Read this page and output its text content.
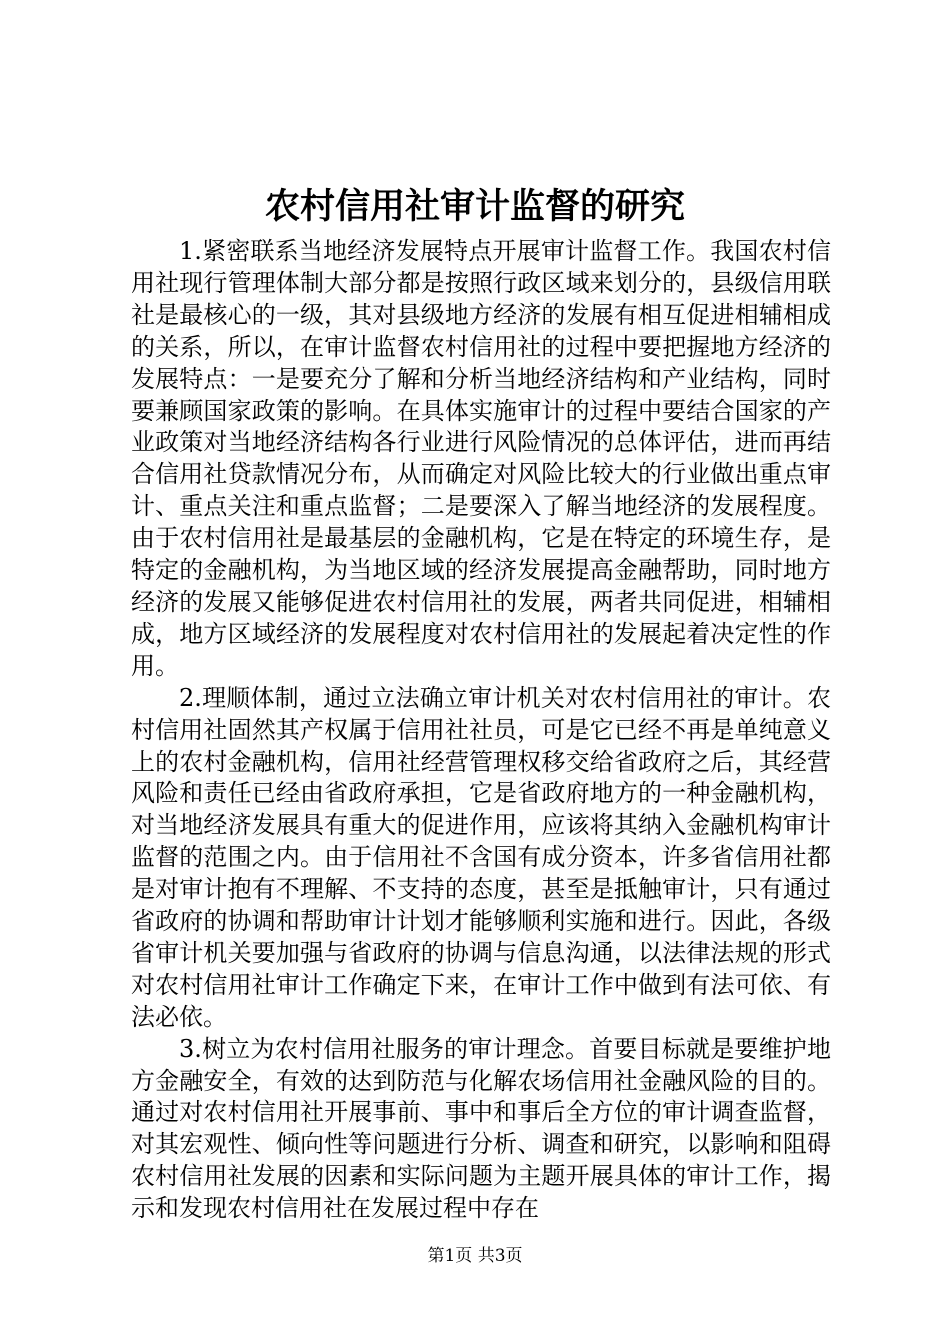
农村信用社审计监督的研究

1.紧密联系当地经济发展特点开展审计监督工作。我国农村信用社现行管理体制大部分都是按照行政区域来划分的，县级信用联社是最核心的一级，其对县级地方经济的发展有相互促进相辅相成的关系，所以，在审计监督农村信用社的过程中要把握地方经济的发展特点：一是要充分了解和分析当地经济结构和产业结构，同时要兼顾国家政策的影响。在具体实施审计的过程中要结合国家的产业政策对当地经济结构各行业进行风险情况的总体评估，进而再结合信用社贷款情况分布，从而确定对风险比较大的行业做出重点审计、重点关注和重点监督；二是要深入了解当地经济的发展程度。由于农村信用社是最基层的金融机构，它是在特定的环境生存，是特定的金融机构，为当地区域的经济发展提高金融帮助，同时地方经济的发展又能够促进农村信用社的发展，两者共同促进，相辅相成，地方区域经济的发展程度对农村信用社的发展起着决定性的作用。

2.理顺体制，通过立法确立审计机关对农村信用社的审计。农村信用社固然其产权属于信用社社员，可是它已经不再是单纯意义上的农村金融机构，信用社经营管理权移交给省政府之后，其经营风险和责任已经由省政府承担，它是省政府地方的一种金融机构，对当地经济发展具有重大的促进作用，应该将其纳入金融机构审计监督的范围之内。由于信用社不含国有成分资本，许多省信用社都是对审计抱有不理解、不支持的态度，甚至是抵触审计，只有通过省政府的协调和帮助审计计划才能够顺利实施和进行。因此，各级省审计机关要加强与省政府的协调与信息沟通，以法律法规的形式对农村信用社审计工作确定下来，在审计工作中做到有法可依、有法必依。

3.树立为农村信用社服务的审计理念。首要目标就是要维护地方金融安全，有效的达到防范与化解农场信用社金融风险的目的。通过对农村信用社开展事前、事中和事后全方位的审计调查监督，对其宏观性、倾向性等问题进行分析、调查和研究，以影响和阻碍农村信用社发展的因素和实际问题为主题开展具体的审计工作，揭示和发现农村信用社在发展过程中存在

第1页 共3页
